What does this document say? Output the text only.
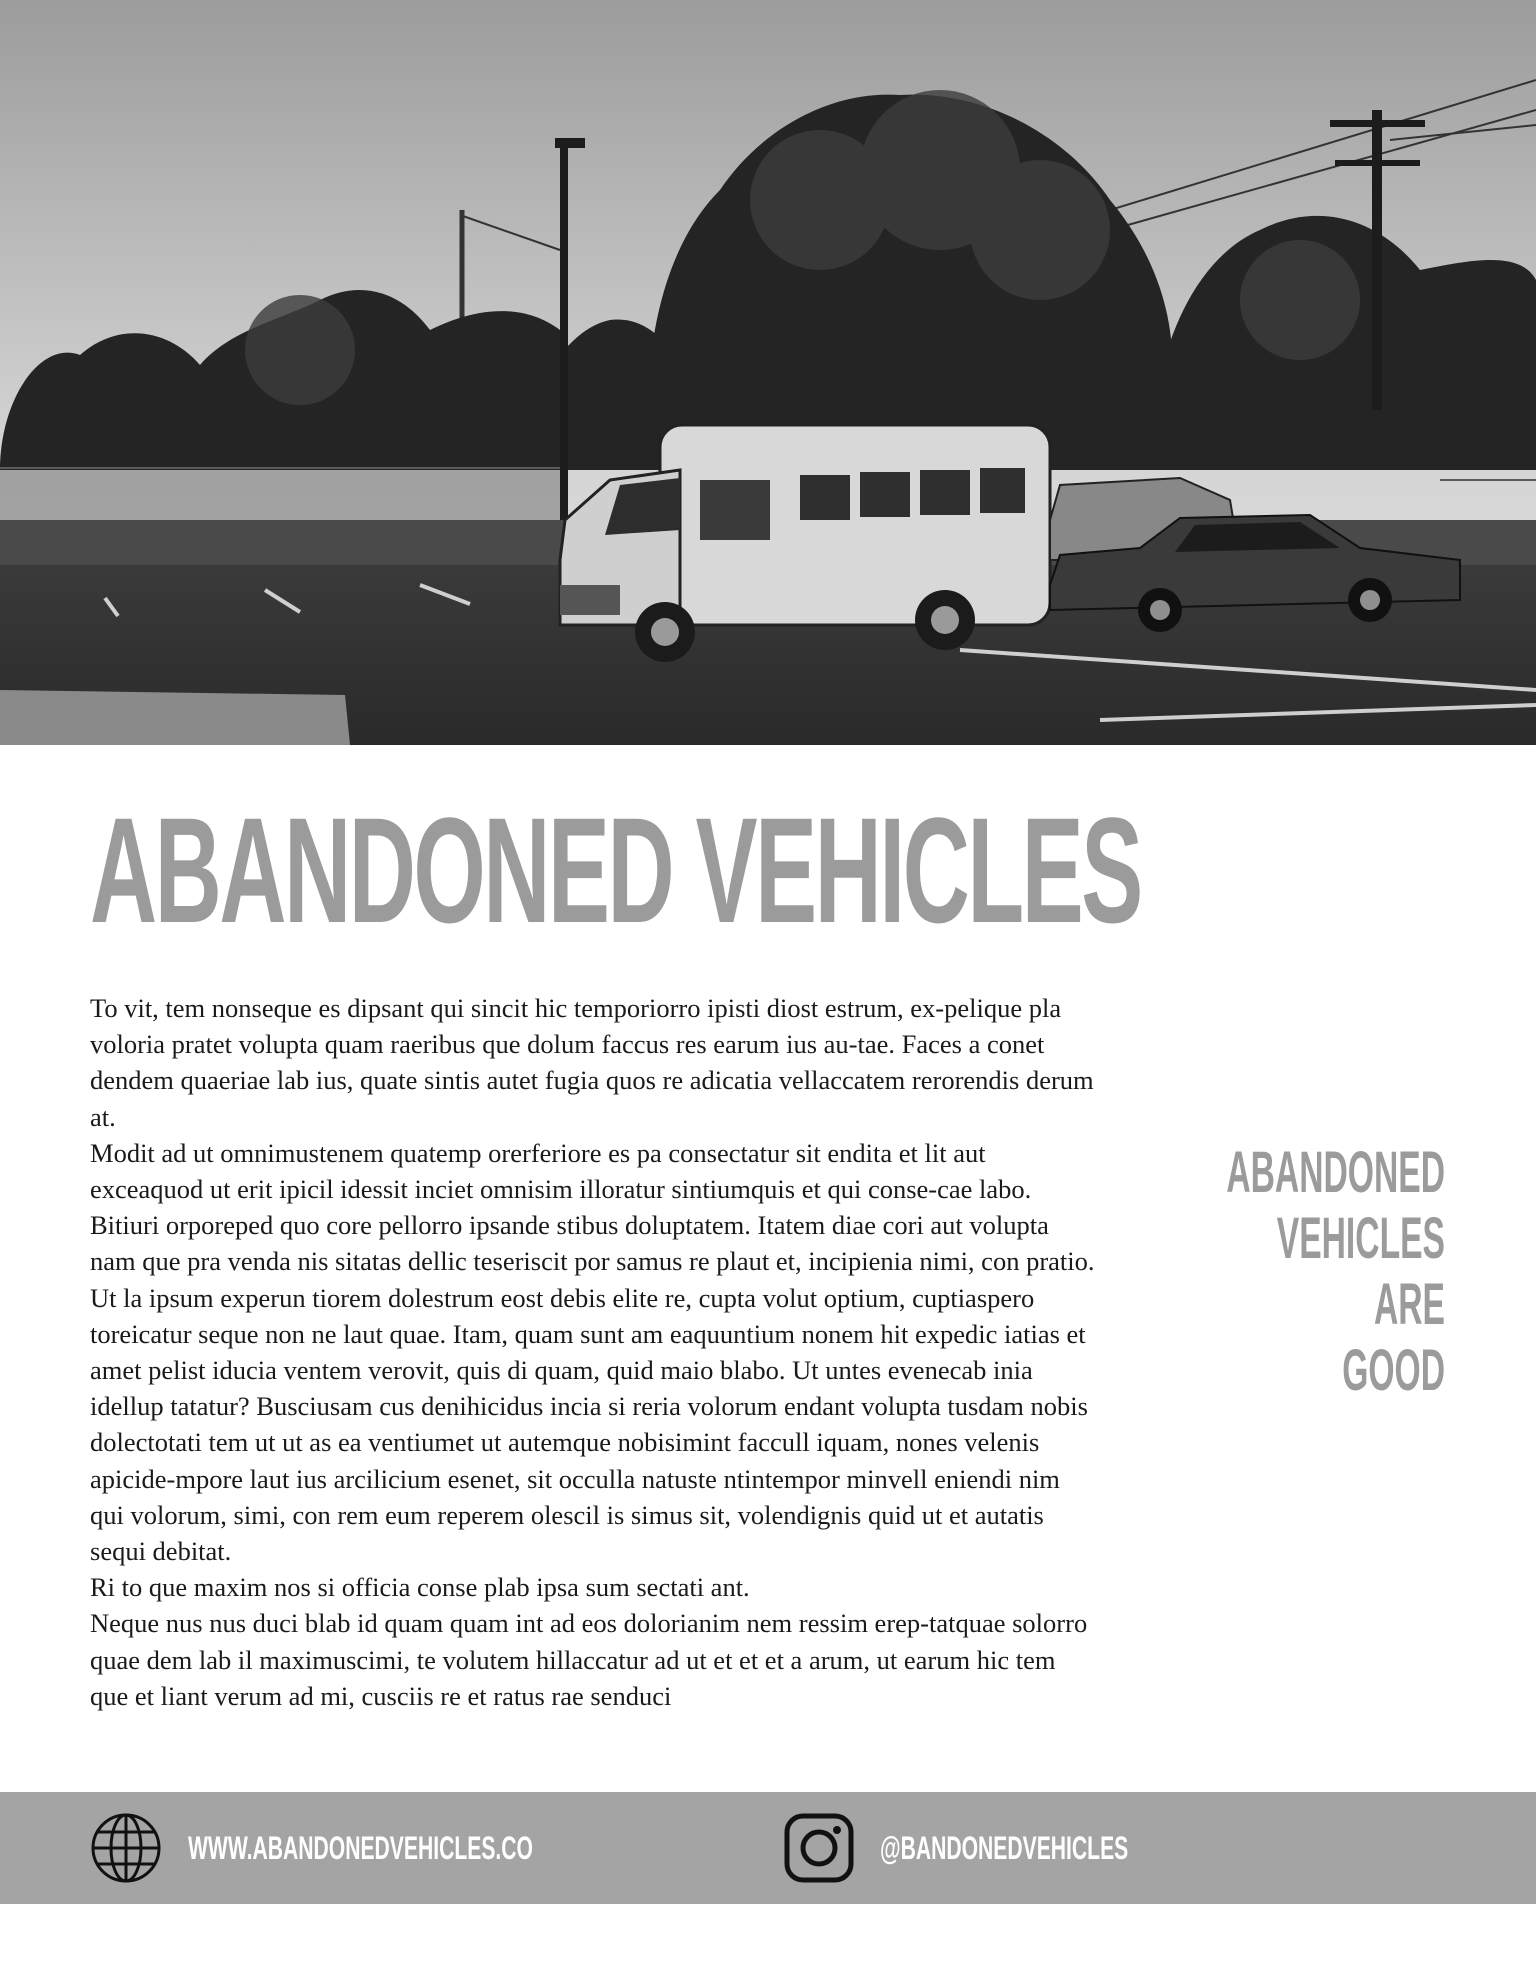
ABANDONED VEHICLES

To vit, tem nonseque es dipsant qui sincit hic temporiorro ipisti diost estrum, ex-pelique pla voloria pratet volupta quam raeribus que dolum faccus res earum ius au-tae. Faces a conet dendem quaeriae lab ius, quate sintis autet fugia quos re adicatia vellaccatem rerorendis derum at.

Modit ad ut omnimustenem quatemp orerferiore es pa consectatur sit endita et lit aut exceaquod ut erit ipicil idessit inciet omnisim illoratur sintiumquis et qui conse-cae labo. Bitiuri orporeped quo core pellorro ipsande stibus doluptatem. Itatem diae cori aut volupta nam que pra venda nis sitatas dellic teseriscit por samus re plaut et, incipienia nimi, con pratio. Ut la ipsum experun tiorem dolestrum eost debis elite re, cupta volut optium, cuptiaspero toreicatur seque non ne laut quae. Itam, quam sunt am eaquuntium nonem hit expedic iatias et amet pelist iducia ventem verovit, quis di quam, quid maio blabo. Ut untes evenecab inia idellup tatatur? Busciusam cus denihicidus incia si reria volorum endant volupta tusdam nobis dolectotati tem ut ut as ea ventiumet ut autemque nobisimint faccull iquam, nones velenis apicide-mpore laut ius arcilicium esenet, sit occulla natuste ntintempor minvell eniendi nim qui volorum, simi, con rem eum reperem olescil is simus sit, volendignis quid ut et autatis sequi debitat.

Ri to que maxim nos si officia conse plab ipsa sum sectati ant.

Neque nus nus duci blab id quam quam int ad eos dolorianim nem ressim erep-tatquae solorro quae dem lab il maximuscimi, te volutem hillaccatur ad ut et et et a arum, ut earum hic tem que et liant verum ad mi, cusciis re et ratus rae senduci

ABANDONED
VEHICLES
ARE
GOOD
WWW.ABANDONEDVEHICLES.CO	@BANDONEDVEHICLES
